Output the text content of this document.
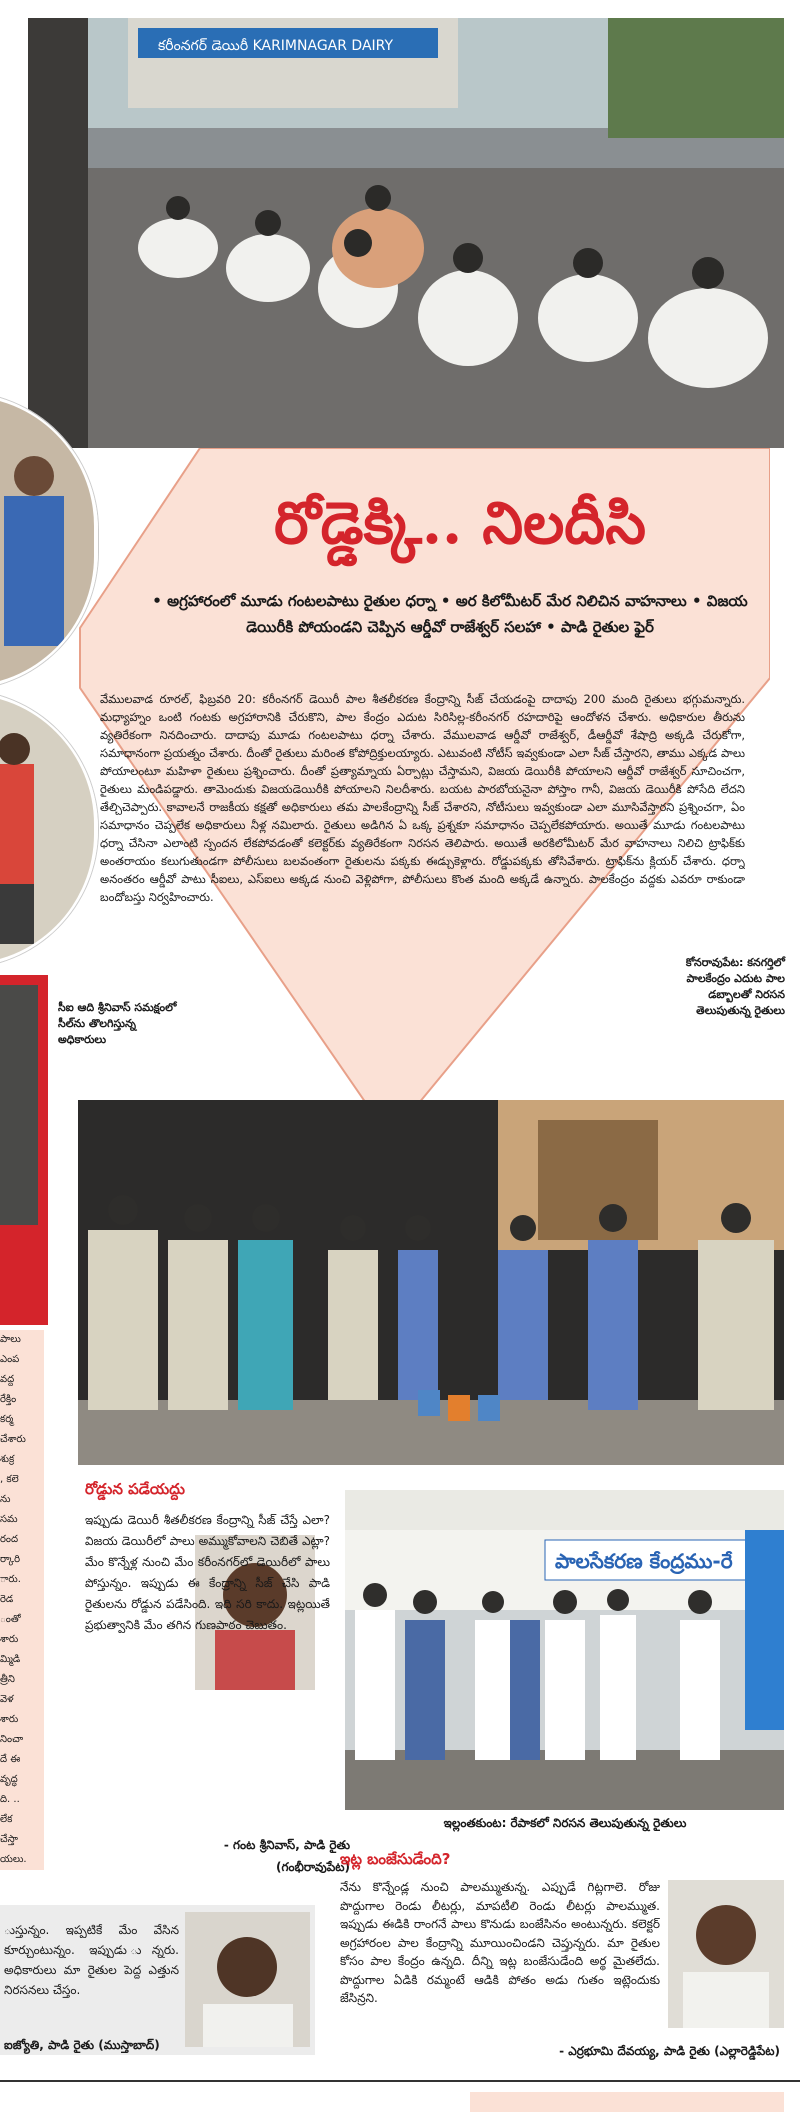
కరీంనగర్ డెయిరీ KARIMNAGAR DAIRY
రోడ్డెక్కి.. నిలదీసి
• అగ్రహారంలో మూడు గంటలపాటు రైతుల ధర్నా • అర కిలోమీటర్ మేర నిలిచిన వాహనాలు • విజయ డెయిరీకి పోయండని చెప్పిన ఆర్డీవో రాజేశ్వర్ సలహా • పాడి రైతుల ఫైర్
వేములవాడ రూరల్, ఫిబ్రవరి 20: కరీంనగర్ డెయిరీ పాల శీతలీకరణ కేంద్రాన్ని సీజ్ చేయడంపై దాదాపు 200 మంది రైతులు భగ్గుమన్నారు. మధ్యాహ్నం ఒంటి గంటకు అగ్రహారానికి చేరుకొని, పాల కేంద్రం ఎదుట సిరిసిల్ల-కరీంనగర్ రహదారిపై ఆందోళన చేశారు. అధికారుల తీరును వ్యతిరేకంగా నినదించారు. దాదాపు మూడు గంటలపాటు ధర్నా చేశారు. వేములవాడ ఆర్డీవో రాజేశ్వర్, డీఆర్డీవో శేషాద్రి అక్కడి చేరుకోగా, సమాధానంగా ప్రయత్నం చేశారు. దీంతో రైతులు మరింత కోపోద్రిక్తులయ్యారు. ఎటువంటి నోటీస్ ఇవ్వకుండా ఎలా సీజ్ చేస్తారని, తాము ఎక్కడ పాలు పోయాలంటూ మహిళా రైతులు ప్రశ్నించారు. దీంతో ప్రత్యామ్నాయ ఏర్పాట్లు చేస్తామని, విజయ డెయిరీకి పోయాలని ఆర్డీవో రాజేశ్వర్ సూచించగా, రైతులు మండిపడ్డారు. తామెందుకు విజయడెయిరీకి పోయాలని నిలదీశారు. బయట పారబోయనైనా పోస్తాం గానీ, విజయ డెయిరీకి పోసేది లేదని తేల్చిచెప్పారు. కావాలనే రాజకీయ కక్షతో అధికారులు తమ పాలకేంద్రాన్ని సీజ్ చేశారని, నోటీసులు ఇవ్వకుండా ఎలా మూసివేస్తారని ప్రశ్నించగా, ఏం సమాధానం చెప్పలేక అధికారులు నీళ్ల నమిలారు. రైతులు అడిగిన ఏ ఒక్క ప్రశ్నకూ సమాధానం చెప్పలేకపోయారు. అయితే మూడు గంటలపాటు ధర్నా చేసినా ఎలాంటి స్పందన లేకపోవడంతో కలెక్టర్‌కు వ్యతిరేకంగా నిరసన తెలిపారు. అయితే అరకిలోమీటర్ మేర వాహనాలు నిలిచి ట్రాఫిక్‌కు అంతరాయం కలుగుతుండగా పోలీసులు బలవంతంగా రైతులను పక్కకు ఈడ్చుకెళ్లారు. రోడ్డుపక్కకు తోసివేశారు. ట్రాఫిక్‌ను క్లియర్ చేశారు. ధర్నా అనంతరం ఆర్డీవో పాటు సీఐలు, ఎస్ఐలు అక్కడ నుంచి వెళ్లిపోగా, పోలీసులు కొంత మంది అక్కడే ఉన్నారు. పాలకేంద్రం వద్దకు ఎవరూ రాకుండా బందోబస్తు నిర్వహించారు.
సీఐ ఆది శ్రీనివాస్ సమక్షంలో సీల్‌ను తొలగిస్తున్న అధికారులు
కోనరావుపేట: కనగర్తిలో పాలకేంద్రం ఎదుట పాల డబ్బాలతో నిరసన తెలుపుతున్న రైతులు
పాలు
ఎంప
వద్ద
రేక్తిం
కర్మ
చేశారు
శుక్ర
, కలె
ను
సమ
రంద
ర్కారి
ారు.
రెడ
ంతో
శారు
మ్మిడి
త్రీని
వెళ
శారు
నించా
దే ఈ
వృద్ధ
ది. ..
లేక
చేస్తా
యలు.
రోడ్డున పడేయద్దు
ఇప్పుడు డెయిరీ శీతలీకరణ కేంద్రాన్ని సీజ్ చేస్తే ఎలా? విజయ డెయిరీలో పాలు అమ్ముకోవాలని చెబితే ఎట్లా? మేం కొన్నేళ్ల నుంచి మేం కరీంనగర్‌లో డెయిరీలో పాలు పోస్తున్నం. ఇప్పుడు ఈ కేంద్రాన్ని సీజ్ చేసి పాడి రైతులను రోడ్డున పడేసింది. ఇది సరి కాదు. ఇట్లయితే ప్రభుత్వానికి మేం తగిన గుణపాఠం చెబుతం.
- గంట శ్రీనివాస్, పాడి రైతు
(గంభీరావుపేట)
పాలసేకరణ కేంద్రము-రే
ఇల్లంతకుంట: రేపాకలో నిరసన తెలుపుతున్న రైతులు
ఇట్ల బంజేసుడేంది?
నేను కొన్నేండ్ల నుంచి పాలమ్ముతున్న. ఎప్పుడే గిట్లగాలె. రోజు పొద్దుగాల రెండు లీటర్లు, మాపటీలి రెండు లీటర్లు పాలమ్ముత. ఇప్పుడు ఈడికి రాంగనే పాలు కొనుడు బంజేసినం అంటున్నరు. కలెక్టర్ అగ్రహారంల పాల కేంద్రాన్ని మూయించిండని చెప్తున్నరు. మా రైతుల కోసం పాల కేంద్రం ఉన్నది. దీన్ని ఇట్ల బంజేసుడేంది అర్థ మైతలేదు. పొద్దుగాల ఏడికి రమ్మంటే ఆడికి పోతం అడు గుతం ఇట్లెందుకు జేసిన్రని.
- ఎర్రభూమి దేవయ్య, పాడి రైతు (ఎల్లారెడ్డిపేట)
ుస్తున్నం. ఇప్పటికే మేం వేసిన కూర్చుంటున్నం. ఇప్పుడు ున్నరు. అధికారులు మా రైతుల పెద్ద ఎత్తున నిరసనలు చేస్తం.
ఐజ్యోతి, పాడి రైతు (ముస్తాబాద్)
